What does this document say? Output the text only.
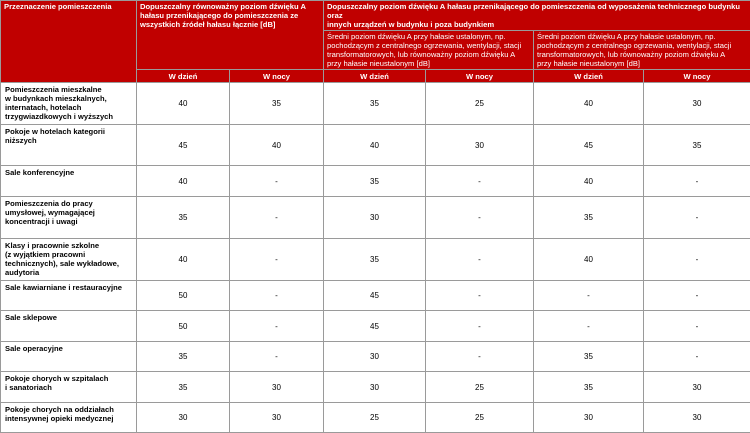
Przeznaczenie pomieszczenia	Dopuszczalny równoważny poziom dźwięku A
hałasu przenikającego do pomieszczenia ze
wszystkich źródeł hałasu łącznie [dB]		Dopuszczalny poziom dźwięku A hałasu przenikającego do pomieszczenia od wyposażenia technicznego budynku oraz
innych urządzeń w budynku i poza budynkiem			
			Średni poziom dźwięku A przy hałasie ustalonym, np.
pochodzącym z centralnego ogrzewania, wentylacji, stacji
transformatorowych, lub równoważny poziom dźwięku A
przy hałasie nieustalonym [dB]		Średni poziom dźwięku A przy hałasie ustalonym, np.
pochodzącym z centralnego ogrzewania, wentylacji, stacji
transformatorowych, lub równoważny poziom dźwięku A
przy hałasie nieustalonym [dB]	
	W dzień	W nocy	W dzień	W nocy	W dzień	W nocy
Pomieszczenia mieszkalne
w budynkach mieszkalnych,
internatach, hotelach
trzygwiazdkowych i wyższych	40	35	35	25	40	30
Pokoje w hotelach kategorii
niższych	45	40	40	30	45	35
Sale konferencyjne	40	-	35	-	40	-
Pomieszczenia do pracy
umysłowej, wymagającej
koncentracji i uwagi	35	-	30	-	35	-
Klasy i pracownie szkolne
(z wyjątkiem pracowni
technicznych), sale wykładowe,
audytoria	40	-	35	-	40	-
Sale kawiarniane i restauracyjne	50	-	45	-	-	-
Sale sklepowe	50	-	45	-	-	-
Sale operacyjne	35	-	30	-	35	-
Pokoje chorych w szpitalach
i sanatoriach	35	30	30	25	35	30
Pokoje chorych na oddziałach
intensywnej opieki medycznej	30	30	25	25	30	30
